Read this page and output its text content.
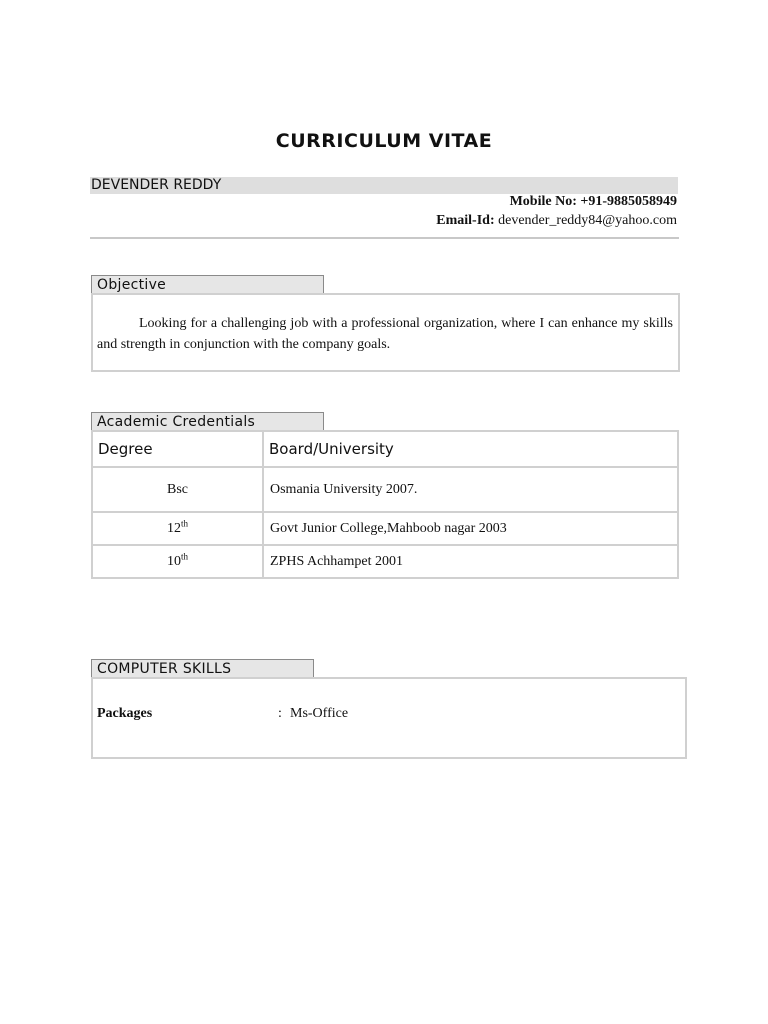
CURRICULUM VITAE
DEVENDER REDDY
Mobile No: +91-9885058949
Email-Id: devender_reddy84@yahoo.com
Objective
Looking for a challenging job with a professional organization, where I can enhance my skills and strength in conjunction with the company goals.
Academic Credentials
Degree	Board/University
Bsc	Osmania University 2007.
12th	Govt Junior College,Mahboob nagar 2003
10th	ZPHS Achhampet 2001
COMPUTER SKILLS
Packages	: Ms-Office
